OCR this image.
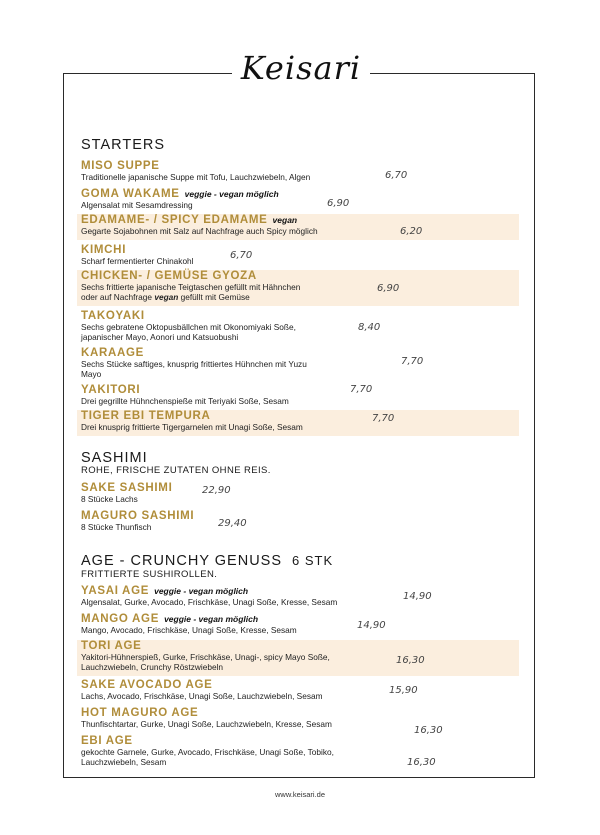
Keisari
STARTERS
MISO SUPPE
Traditionelle japanische Suppe mit Tofu, Lauchzwiebeln, Algen	6,70
GOMA WAKAME veggie - vegan möglich
Algensalat mit Sesamdressing	6,90
EDAMAME- / SPICY EDAMAME vegan
Gegarte Sojabohnen mit Salz auf Nachfrage auch Spicy möglich	6,20
KIMCHI
Scharf fermentierter Chinakohl	6,70
CHICKEN- / GEMÜSE GYOZA
Sechs frittierte japanische Teigtaschen gefüllt mit Hähnchen
oder auf Nachfrage vegan gefüllt mit Gemüse
6,90
TAKOYAKI
Sechs gebratene Oktopusbällchen mit Okonomiyaki Soße,
japanischer Mayo, Aonori und Katsuobushi
8,40
KARAAGE
Sechs Stücke saftiges, knusprig frittiertes Hühnchen mit Yuzu
Mayo
7,70
YAKITORI
Drei gegrillte Hühnchenspieße mit Teriyaki Soße, Sesam
7,70
TIGER EBI TEMPURA
Drei knusprig frittierte Tigergarnelen mit Unagi Soße, Sesam
7,70
SASHIMI
ROHE, FRISCHE ZUTATEN OHNE REIS.
SAKE SASHIMI
8 Stücke Lachs
22,90
MAGURO SASHIMI
8 Stücke Thunfisch	29,40
AGE - CRUNCHY GENUSS 6 STK
FRITTIERTE SUSHIROLLEN.
YASAI AGE veggie - vegan möglich
Algensalat, Gurke, Avocado, Frischkäse, Unagi Soße, Kresse, Sesam	14,90
MANGO AGE veggie - vegan möglich
Mango, Avocado, Frischkäse, Unagi Soße, Kresse, Sesam	14,90
TORI AGE
Yakitori-Hühnerspieß, Gurke, Frischkäse, Unagi-, spicy Mayo Soße,
Lauchzwiebeln, Crunchy Röstzwiebeln
16,30
SAKE AVOCADO AGE
Lachs, Avocado, Frischkäse, Unagi Soße, Lauchzwiebeln, Sesam	15,90
HOT MAGURO AGE
Thunfischtartar, Gurke, Unagi Soße, Lauchzwiebeln, Kresse, Sesam
16,30
EBI AGE
gekochte Garnele, Gurke, Avocado, Frischkäse, Unagi Soße, Tobiko,
Lauchzwiebeln, Sesam	16,30
www.keisari.de
